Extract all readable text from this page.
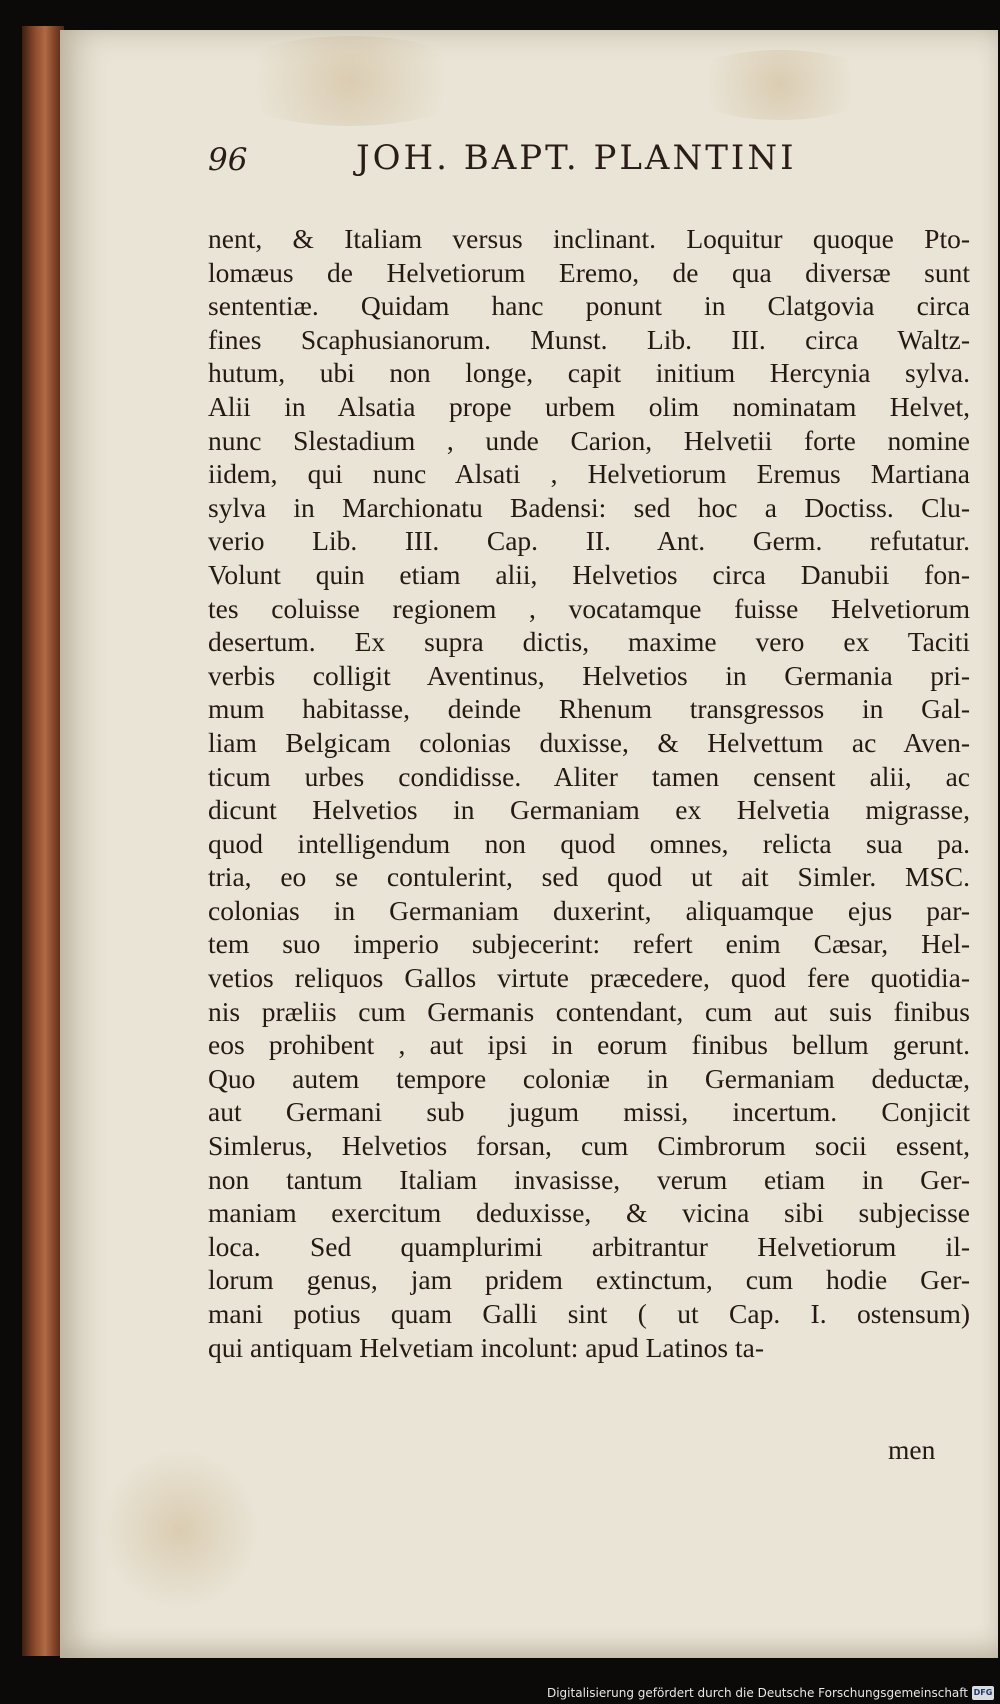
96	JOH. BAPT. PLANTINI
nent, & Italiam versus inclinant. Loquitur quoque Pto-
lomæus de Helvetiorum Eremo, de qua diversæ sunt
sententiæ. Quidam hanc ponunt in Clatgovia circa
fines Scaphusianorum. Munst. Lib. III. circa Waltz-
hutum, ubi non longe, capit initium Hercynia sylva.
Alii in Alsatia prope urbem olim nominatam Helvet,
nunc Slestadium , unde Carion, Helvetii forte nomine
iidem, qui nunc Alsati , Helvetiorum Eremus Martiana
sylva in Marchionatu Badensi: sed hoc a Doctiss. Clu-
verio Lib. III. Cap. II. Ant. Germ. refutatur.
Volunt quin etiam alii, Helvetios circa Danubii fon-
tes coluisse regionem , vocatamque fuisse Helvetiorum
desertum. Ex supra dictis, maxime vero ex Taciti
verbis colligit Aventinus, Helvetios in Germania pri-
mum habitasse, deinde Rhenum transgressos in Gal-
liam Belgicam colonias duxisse, & Helvettum ac Aven-
ticum urbes condidisse. Aliter tamen censent alii, ac
dicunt Helvetios in Germaniam ex Helvetia migrasse,
quod intelligendum non quod omnes, relicta sua pa.
tria, eo se contulerint, sed quod ut ait Simler. MSC.
colonias in Germaniam duxerint, aliquamque ejus par-
tem suo imperio subjecerint: refert enim Cæsar, Hel-
vetios reliquos Gallos virtute præcedere, quod fere quotidia-
nis præliis cum Germanis contendant, cum aut suis finibus
eos prohibent , aut ipsi in eorum finibus bellum gerunt.
Quo autem tempore coloniæ in Germaniam deductæ,
aut Germani sub jugum missi, incertum. Conjicit
Simlerus, Helvetios forsan, cum Cimbrorum socii essent,
non tantum Italiam invasisse, verum etiam in Ger-
maniam exercitum deduxisse, & vicina sibi subjecisse
loca. Sed quamplurimi arbitrantur Helvetiorum il-
lorum genus, jam pridem extinctum, cum hodie Ger-
mani potius quam Galli sint ( ut Cap. I. ostensum)
qui antiquam Helvetiam incolunt: apud Latinos ta-
men
Digitalisierung gefördert durch die Deutsche Forschungsgemeinschaft DFG
